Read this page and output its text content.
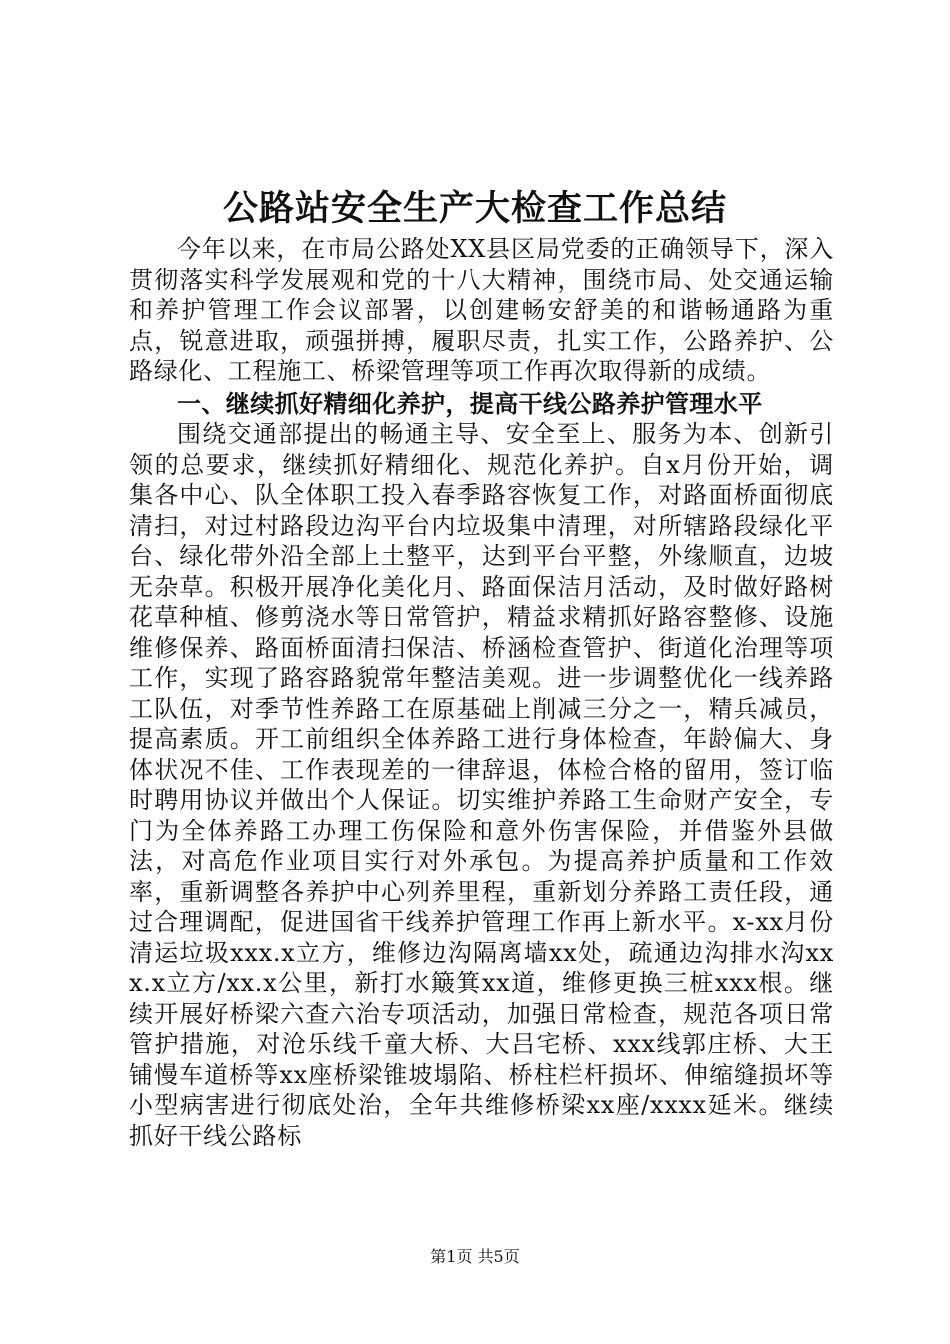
公路站安全生产大检查工作总结

今年以来，在市局公路处XX县区局党委的正确领导下，深入贯彻落实科学发展观和党的十八大精神，围绕市局、处交通运输和养护管理工作会议部署，以创建畅安舒美的和谐畅通路为重点，锐意进取，顽强拼搏，履职尽责，扎实工作，公路养护、公路绿化、工程施工、桥梁管理等项工作再次取得新的成绩。

一、继续抓好精细化养护，提高干线公路养护管理水平

围绕交通部提出的畅通主导、安全至上、服务为本、创新引领的总要求，继续抓好精细化、规范化养护。自x月份开始，调集各中心、队全体职工投入春季路容恢复工作，对路面桥面彻底清扫，对过村路段边沟平台内垃圾集中清理，对所辖路段绿化平台、绿化带外沿全部上土整平，达到平台平整，外缘顺直，边坡无杂草。积极开展净化美化月、路面保洁月活动，及时做好路树花草种植、修剪浇水等日常管护，精益求精抓好路容整修、设施维修保养、路面桥面清扫保洁、桥涵检查管护、街道化治理等项工作，实现了路容路貌常年整洁美观。进一步调整优化一线养路工队伍，对季节性养路工在原基础上削减三分之一，精兵减员，提高素质。开工前组织全体养路工进行身体检查，年龄偏大、身体状况不佳、工作表现差的一律辞退，体检合格的留用，签订临时聘用协议并做出个人保证。切实维护养路工生命财产安全，专门为全体养路工办理工伤保险和意外伤害保险，并借鉴外县做法，对高危作业项目实行对外承包。为提高养护质量和工作效率，重新调整各养护中心列养里程，重新划分养路工责任段，通过合理调配，促进国省干线养护管理工作再上新水平。x-xx月份清运垃圾xxx.x立方，维修边沟隔离墙xx处，疏通边沟排水沟xxx.x立方/xx.x公里，新打水簸箕xx道，维修更换三桩xxx根。继续开展好桥梁六查六治专项活动，加强日常检查，规范各项日常管护措施，对沧乐线千童大桥、大吕宅桥、xxx线郭庄桥、大王铺慢车道桥等xx座桥梁锥坡塌陷、桥柱栏杆损坏、伸缩缝损坏等小型病害进行彻底处治，全年共维修桥梁xx座/xxxx延米。继续抓好干线公路标

第1页 共5页
